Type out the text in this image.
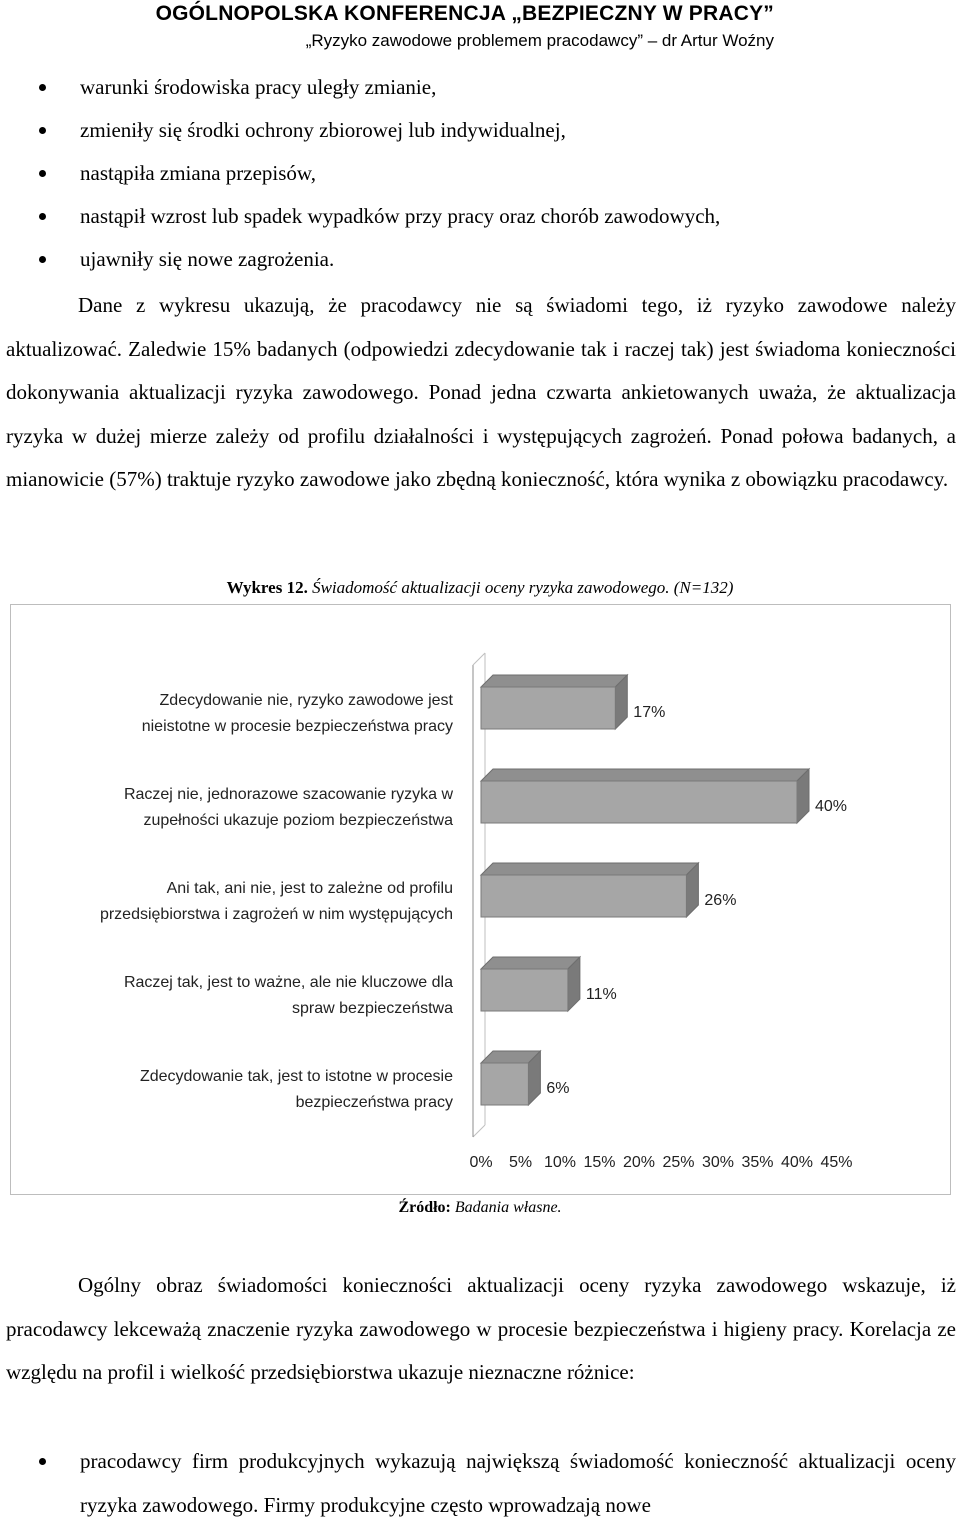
OGÓLNOPOLSKA KONFERENCJA „BEZPIECZNY W PRACY”
„Ryzyko zawodowe problemem pracodawcy” – dr Artur Woźny
warunki środowiska pracy uległy zmianie,
zmieniły się środki ochrony zbiorowej lub indywidualnej,
nastąpiła zmiana przepisów,
nastąpił wzrost lub spadek wypadków przy pracy oraz chorób zawodowych,
ujawniły się nowe zagrożenia.

Dane z wykresu ukazują, że pracodawcy nie są świadomi tego, iż ryzyko zawodowe należy aktualizować. Zaledwie 15% badanych (odpowiedzi zdecydowanie tak i raczej tak) jest świadoma konieczności dokonywania aktualizacji ryzyka zawodowego. Ponad jedna czwarta ankietowanych uważa, że aktualizacja ryzyka w dużej mierze zależy od profilu działalności i występujących zagrożeń. Ponad połowa badanych, a mianowicie (57%) traktuje ryzyko zawodowe jako zbędną konieczność, która wynika z obowiązku pracodawcy.

Wykres 12. Świadomość aktualizacji oceny ryzyka zawodowego. (N=132)
17%
Zdecydowanie nie, ryzyko zawodowe jest
nieistotne w procesie bezpieczeństwa pracy
40%
Raczej nie, jednorazowe szacowanie ryzyka w
zupełności ukazuje poziom bezpieczeństwa
26%
Ani tak, ani nie, jest to zależne od profilu
przedsiębiorstwa i zagrożeń w nim występujących
11%
Raczej tak, jest to ważne, ale nie kluczowe dla
spraw bezpieczeństwa
6%
Zdecydowanie tak, jest to istotne w procesie
bezpieczeństwa pracy
0% 5% 10% 15% 20% 25% 30% 35% 40% 45%
Źródło: Badania własne.

Ogólny obraz świadomości konieczności aktualizacji oceny ryzyka zawodowego wskazuje, iż pracodawcy lekceważą znaczenie ryzyka zawodowego w procesie bezpieczeństwa i higieny pracy. Korelacja ze względu na profil i wielkość przedsiębiorstwa ukazuje nieznaczne różnice:

pracodawcy firm produkcyjnych wykazują największą świadomość konieczność aktualizacji oceny ryzyka zawodowego. Firmy produkcyjne często wprowadzają nowe
